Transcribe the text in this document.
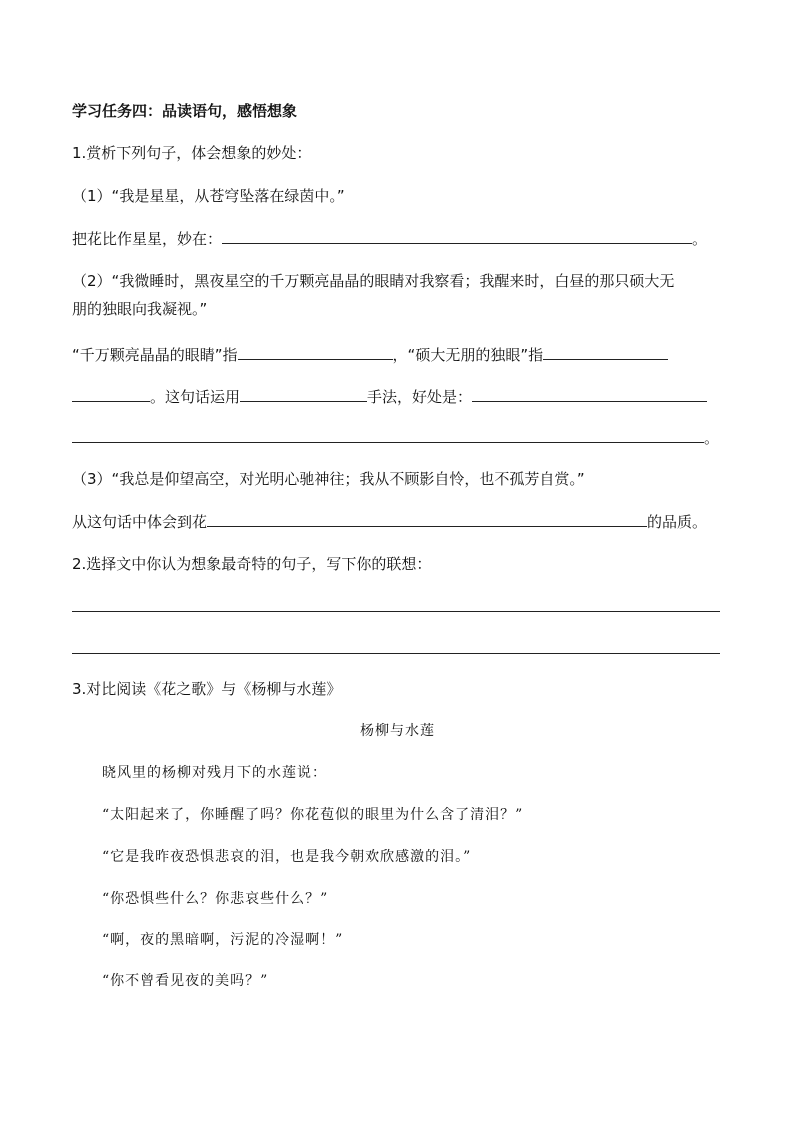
学习任务四：品读语句，感悟想象
1.赏析下列句子，体会想象的妙处：
（1）“我是星星，从苍穹坠落在绿茵中。”
把花比作星星，妙在：	。
（2）“我微睡时，黑夜星空的千万颗亮晶晶的眼睛对我察看；我醒来时，白昼的那只硕大无
朋的独眼向我凝视。”
“千万颗亮晶晶的眼睛”指	，“硕大无朋的独眼”指
。这句话运用	手法，好处是：
。
（3）“我总是仰望高空，对光明心驰神往；我从不顾影自怜，也不孤芳自赏。”
从这句话中体会到花	的品质。
2.选择文中你认为想象最奇特的句子，写下你的联想：
3.对比阅读《花之歌》与《杨柳与水莲》
杨柳与水莲
晓风里的杨柳对残月下的水莲说：
“太阳起来了，你睡醒了吗？你花苞似的眼里为什么含了清泪？”
“它是我昨夜恐惧悲哀的泪，也是我今朝欢欣感激的泪。”
“你恐惧些什么？你悲哀些什么？”
“啊，夜的黑暗啊，污泥的冷湿啊！”
“你不曾看见夜的美吗？”
